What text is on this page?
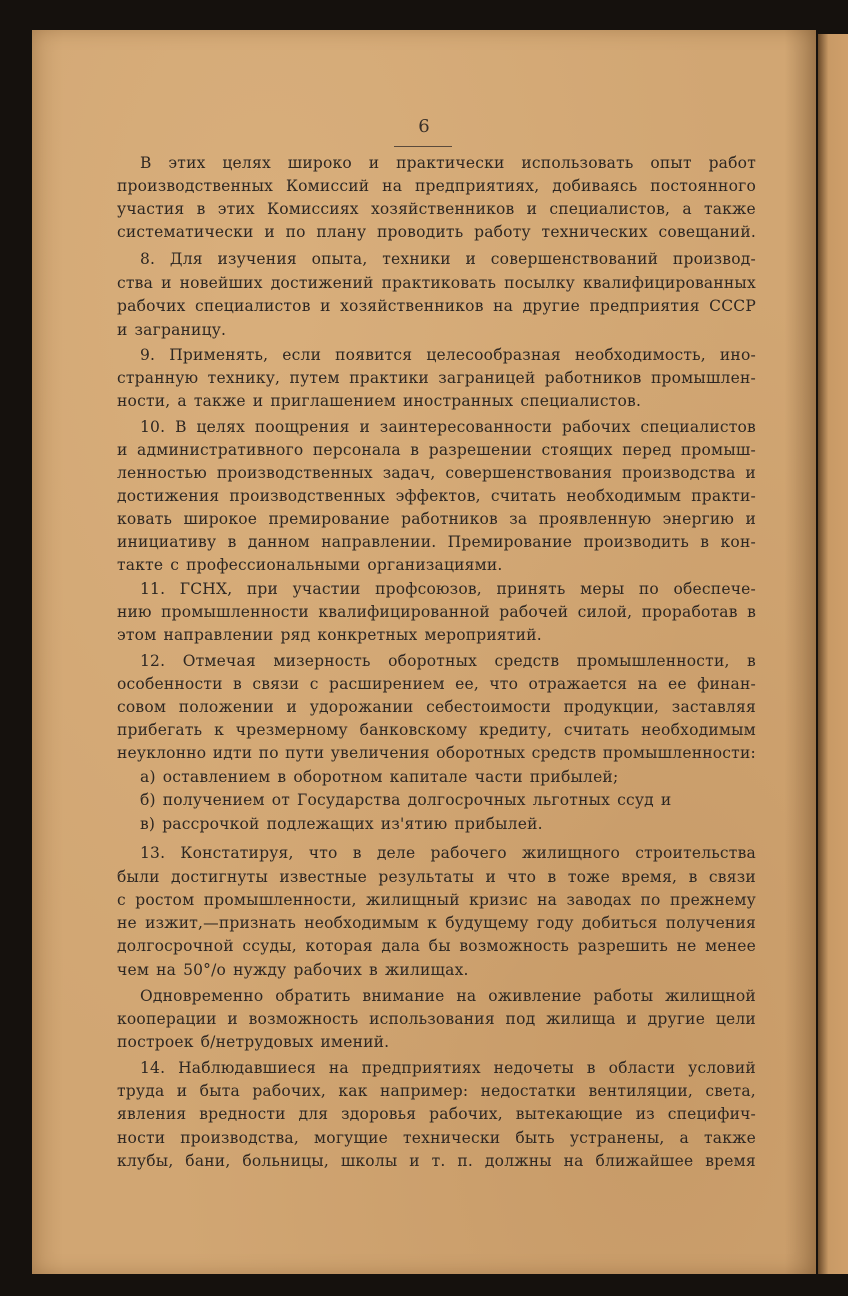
6
В этих целях широко и практически использовать опыт работ
производственных Комиссий на предприятиях, добиваясь постоянного
участия в этих Комиссиях хозяйственников и специалистов, а также
систематически и по плану проводить работу технических совещаний.
8. Для изучения опыта, техники и совершенствований производ-
ства и новейших достижений практиковать посылку квалифицированных
рабочих специалистов и хозяйственников на другие предприятия СССР
и заграницу.
9. Применять, если появится целесообразная необходимость, ино-
странную технику, путем практики заграницей работников промышлен-
ности, а также и приглашением иностранных специалистов.
10. В целях поощрения и заинтересованности рабочих специалистов
и административного персонала в разрешении стоящих перед промыш-
ленностью производственных задач, совершенствования производства и
достижения производственных эффектов, считать необходимым практи-
ковать широкое премирование работников за проявленную энергию и
инициативу в данном направлении. Премирование производить в кон-
такте с профессиональными организациями.
11. ГСНХ, при участии профсоюзов, принять меры по обеспече-
нию промышленности квалифицированной рабочей силой, проработав в
этом направлении ряд конкретных мероприятий.
12. Отмечая мизерность оборотных средств промышленности, в
особенности в связи с расширением ее, что отражается на ее финан-
совом положении и удорожании себестоимости продукции, заставляя
прибегать к чрезмерному банковскому кредиту, считать необходимым
неуклонно идти по пути увеличения оборотных средств промышленности:
а) оставлением в оборотном капитале части прибылей;
б) получением от Государства долгосрочных льготных ссуд и
в) рассрочкой подлежащих из'ятию прибылей.
13. Констатируя, что в деле рабочего жилищного строительства
были достигнуты известные результаты и что в тоже время, в связи
с ростом промышленности, жилищный кризис на заводах по прежнему
не изжит,—признать необходимым к будущему году добиться получения
долгосрочной ссуды, которая дала бы возможность разрешить не менее
чем на 50°/о нужду рабочих в жилищах.
Одновременно обратить внимание на оживление работы жилищной
кооперации и возможность использования под жилища и другие цели
построек б/нетрудовых имений.
14. Наблюдавшиеся на предприятиях недочеты в области условий
труда и быта рабочих, как например: недостатки вентиляции, света,
явления вредности для здоровья рабочих, вытекающие из специфич-
ности производства, могущие технически быть устранены, а также
клубы, бани, больницы, школы и т. п. должны на ближайшее время
